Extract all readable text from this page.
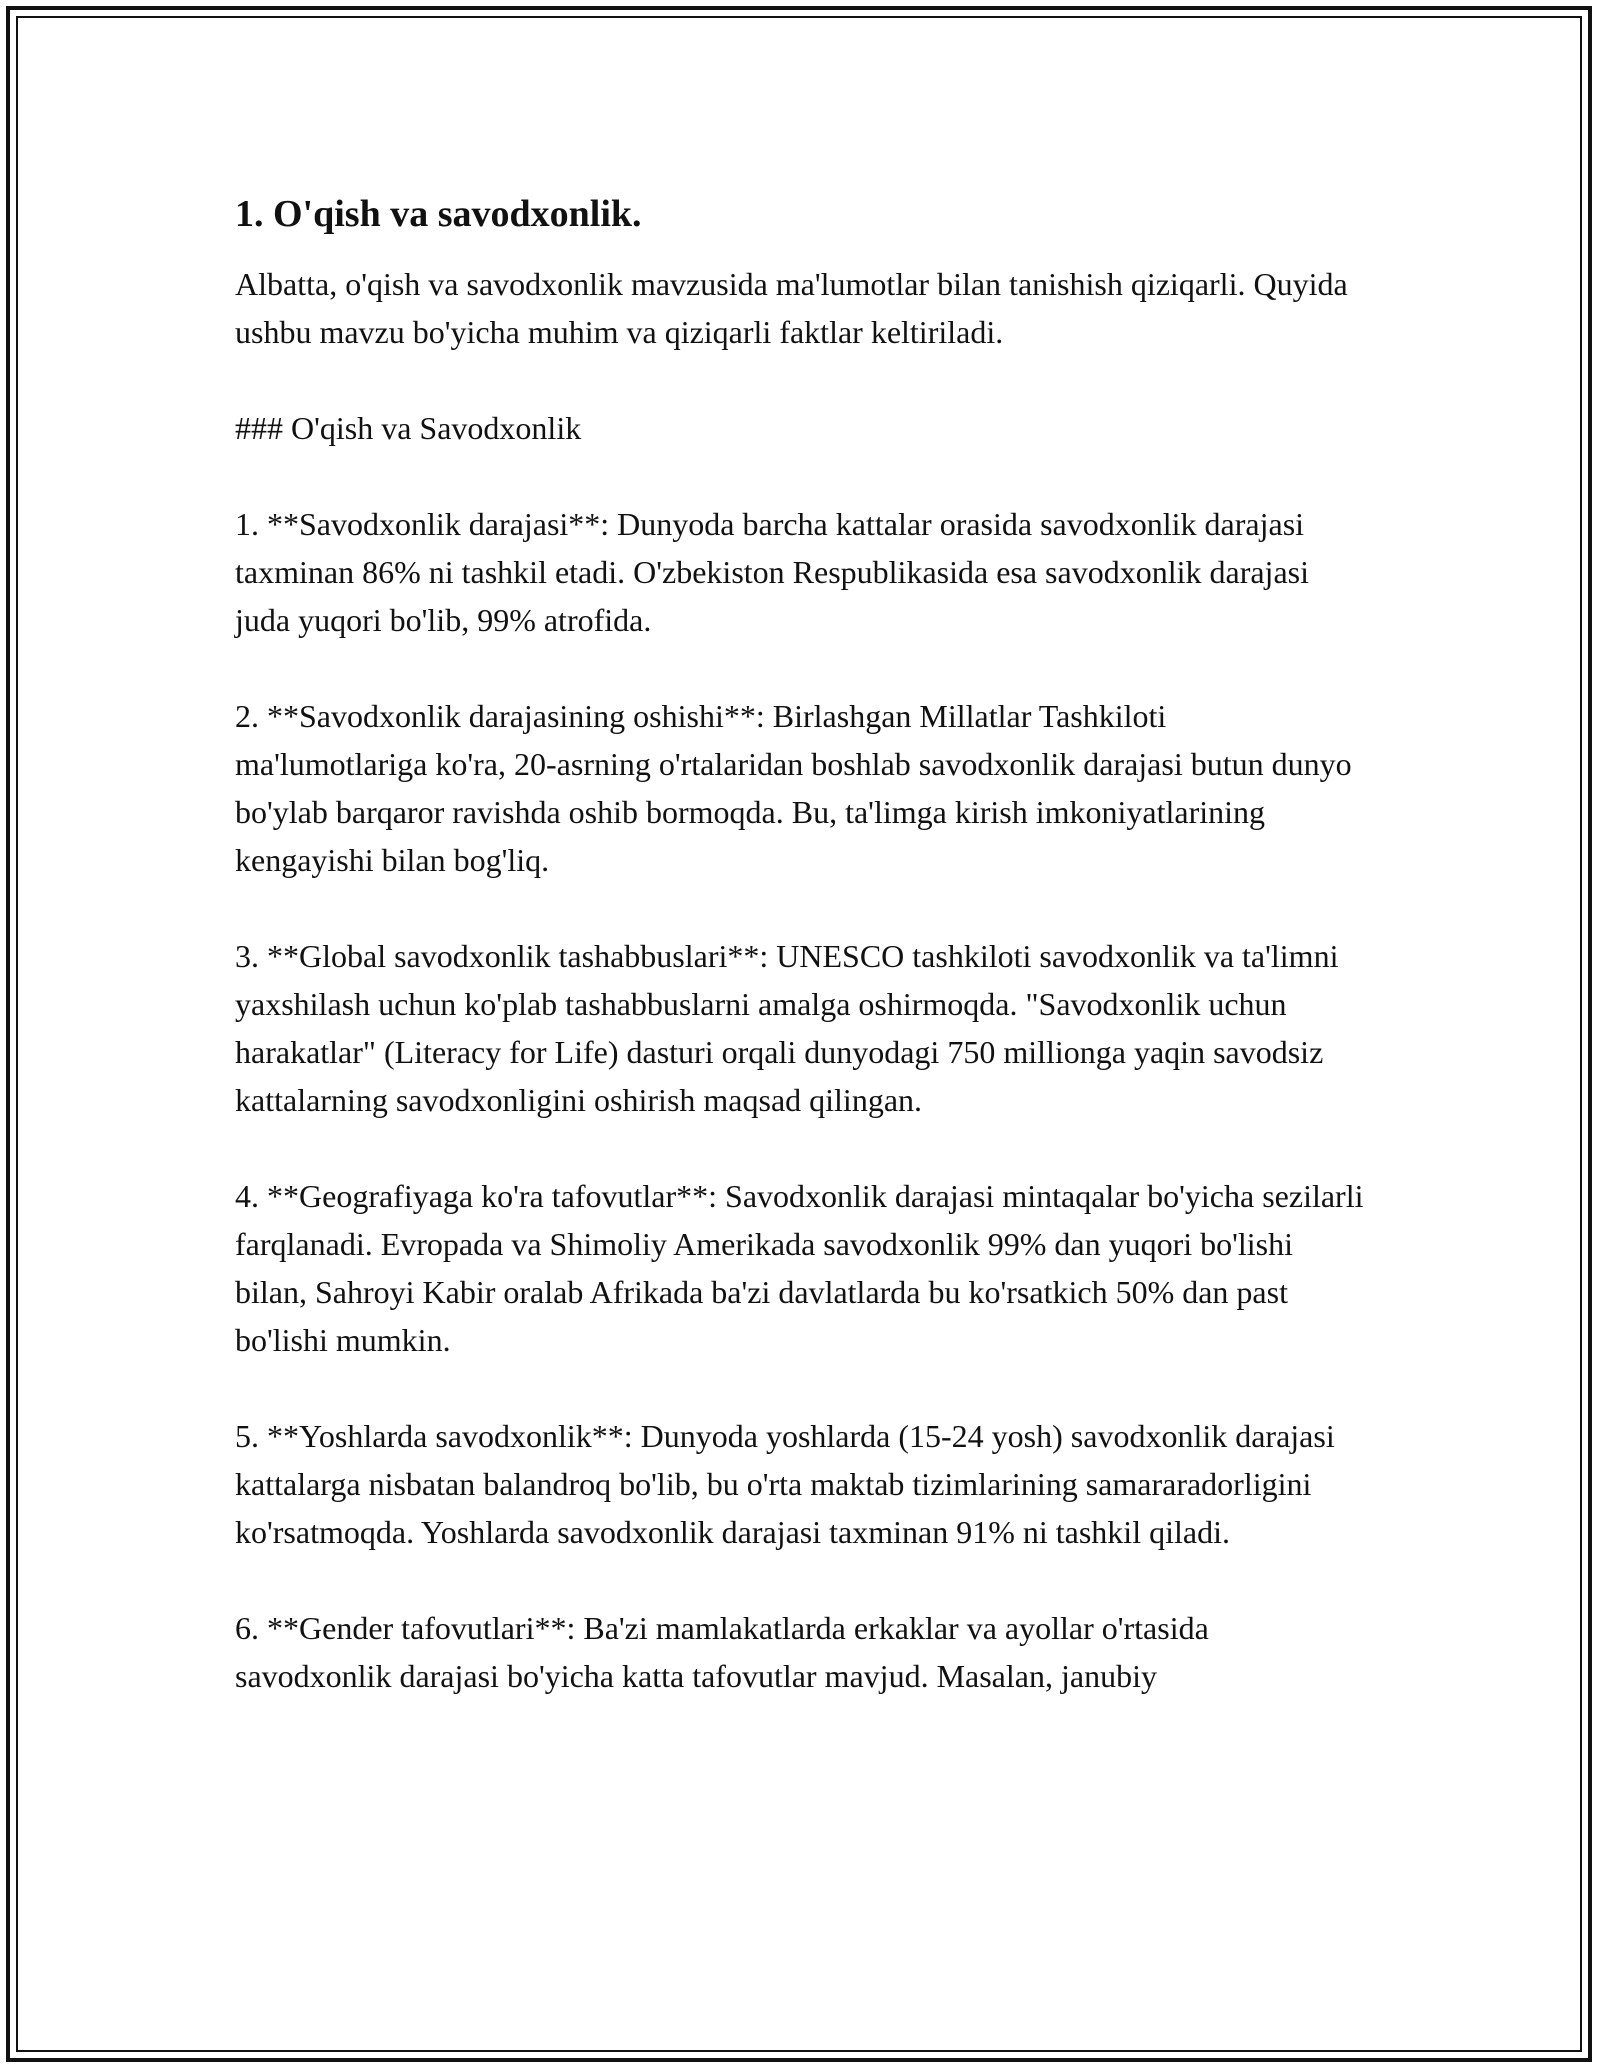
1. O'qish va savodxonlik.

Albatta, o'qish va savodxonlik mavzusida ma'lumotlar bilan tanishish qiziqarli. Quyida ushbu mavzu bo'yicha muhim va qiziqarli faktlar keltiriladi.

### O'qish va Savodxonlik

1. **Savodxonlik darajasi**: Dunyoda barcha kattalar orasida savodxonlik darajasi taxminan 86% ni tashkil etadi. O'zbekiston Respublikasida esa savodxonlik darajasi juda yuqori bo'lib, 99% atrofida.

2. **Savodxonlik darajasining oshishi**: Birlashgan Millatlar Tashkiloti ma'lumotlariga ko'ra, 20-asrning o'rtalaridan boshlab savodxonlik darajasi butun dunyo bo'ylab barqaror ravishda oshib bormoqda. Bu, ta'limga kirish imkoniyatlarining kengayishi bilan bog'liq.

3. **Global savodxonlik tashabbuslari**: UNESCO tashkiloti savodxonlik va ta'limni yaxshilash uchun ko'plab tashabbuslarni amalga oshirmoqda. "Savodxonlik uchun harakatlar" (Literacy for Life) dasturi orqali dunyodagi 750 millionga yaqin savodsiz kattalarning savodxonligini oshirish maqsad qilingan.

4. **Geografiyaga ko'ra tafovutlar**: Savodxonlik darajasi mintaqalar bo'yicha sezilarli farqlanadi. Evropada va Shimoliy Amerikada savodxonlik 99% dan yuqori bo'lishi bilan, Sahroyi Kabir oralab Afrikada ba'zi davlatlarda bu ko'rsatkich 50% dan past bo'lishi mumkin.

5. **Yoshlarda savodxonlik**: Dunyoda yoshlarda (15-24 yosh) savodxonlik darajasi kattalarga nisbatan balandroq bo'lib, bu o'rta maktab tizimlarining samararadorligini ko'rsatmoqda. Yoshlarda savodxonlik darajasi taxminan 91% ni tashkil qiladi.

6. **Gender tafovutlari**: Ba'zi mamlakatlarda erkaklar va ayollar o'rtasida savodxonlik darajasi bo'yicha katta tafovutlar mavjud. Masalan, janubiy
